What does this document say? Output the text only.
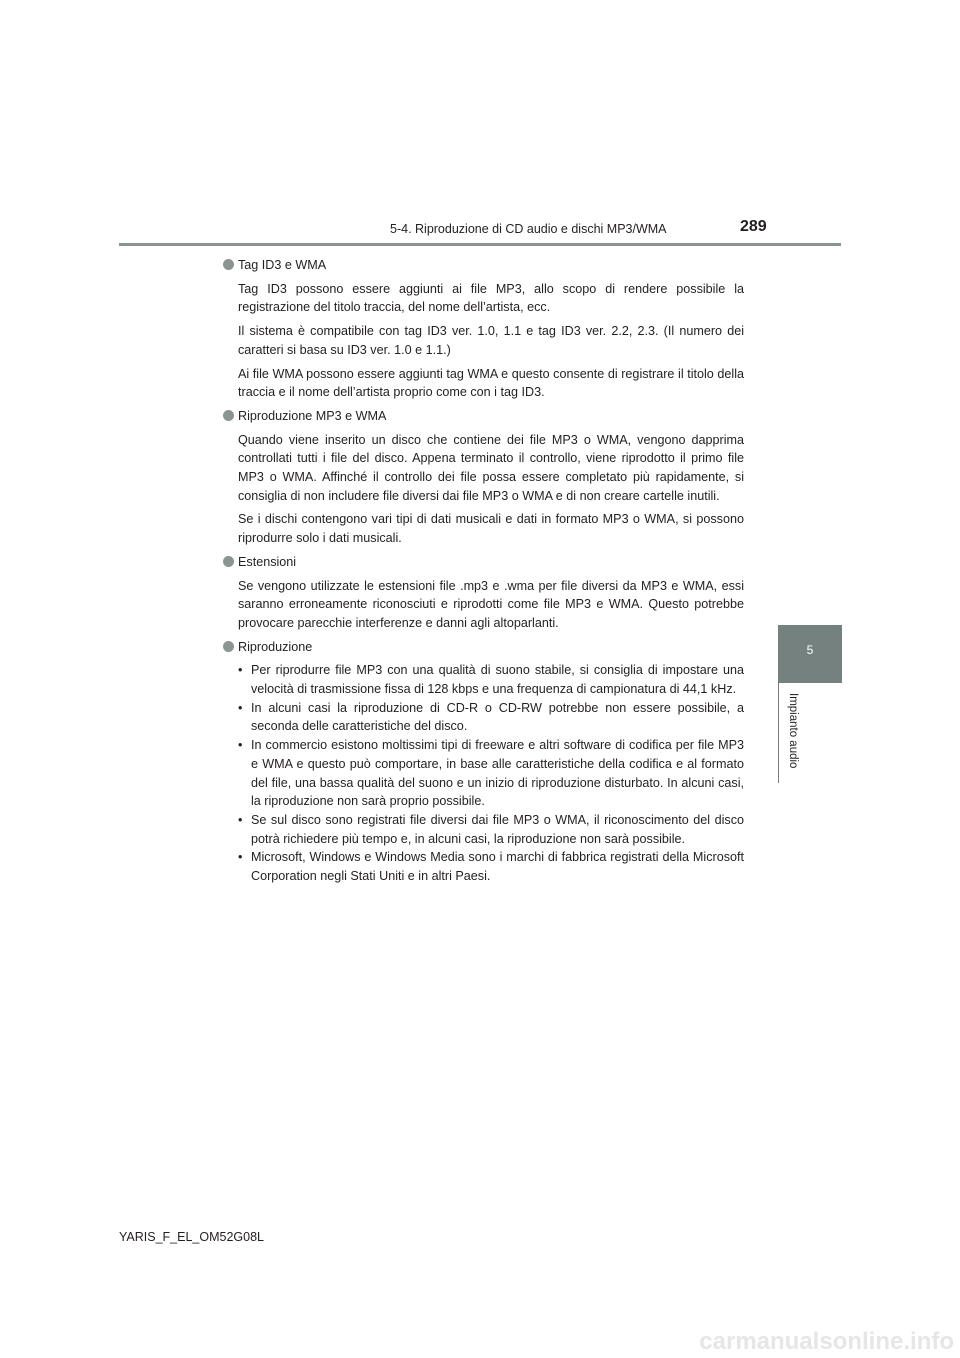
5-4. Riproduzione di CD audio e dischi MP3/WMA	289
5
Impianto audio
Tag ID3 e WMA

Tag ID3 possono essere aggiunti ai file MP3, allo scopo di rendere possibile la registrazione del titolo traccia, del nome dell’artista, ecc.

Il sistema è compatibile con tag ID3 ver. 1.0, 1.1 e tag ID3 ver. 2.2, 2.3. (Il numero dei caratteri si basa su ID3 ver. 1.0 e 1.1.)

Ai file WMA possono essere aggiunti tag WMA e questo consente di registrare il titolo della traccia e il nome dell’artista proprio come con i tag ID3.

Riproduzione MP3 e WMA

Quando viene inserito un disco che contiene dei file MP3 o WMA, vengono dapprima controllati tutti i file del disco. Appena terminato il controllo, viene riprodotto il primo file MP3 o WMA. Affinché il controllo dei file possa essere completato più rapidamente, si consiglia di non includere file diversi dai file MP3 o WMA e di non creare cartelle inutili.

Se i dischi contengono vari tipi di dati musicali e dati in formato MP3 o WMA, si possono riprodurre solo i dati musicali.

Estensioni

Se vengono utilizzate le estensioni file .mp3 e .wma per file diversi da MP3 e WMA, essi saranno erroneamente riconosciuti e riprodotti come file MP3 e WMA. Questo potrebbe provocare parecchie interferenze e danni agli altoparlanti.

Riproduzione
• Per riprodurre file MP3 con una qualità di suono stabile, si consiglia di impostare una velocità di trasmissione fissa di 128 kbps e una frequenza di campionatura di 44,1 kHz.
• In alcuni casi la riproduzione di CD-R o CD-RW potrebbe non essere possibile, a seconda delle caratteristiche del disco.
• In commercio esistono moltissimi tipi di freeware e altri software di codifica per file MP3 e WMA e questo può comportare, in base alle caratteristiche della codifica e al formato del file, una bassa qualità del suono e un inizio di riproduzione disturbato. In alcuni casi, la riproduzione non sarà proprio possibile.
• Se sul disco sono registrati file diversi dai file MP3 o WMA, il riconoscimento del disco potrà richiedere più tempo e, in alcuni casi, la riproduzione non sarà possibile.
• Microsoft, Windows e Windows Media sono i marchi di fabbrica registrati della Microsoft Corporation negli Stati Uniti e in altri Paesi.
YARIS_F_EL_OM52G08L
carmanualsonline.info
